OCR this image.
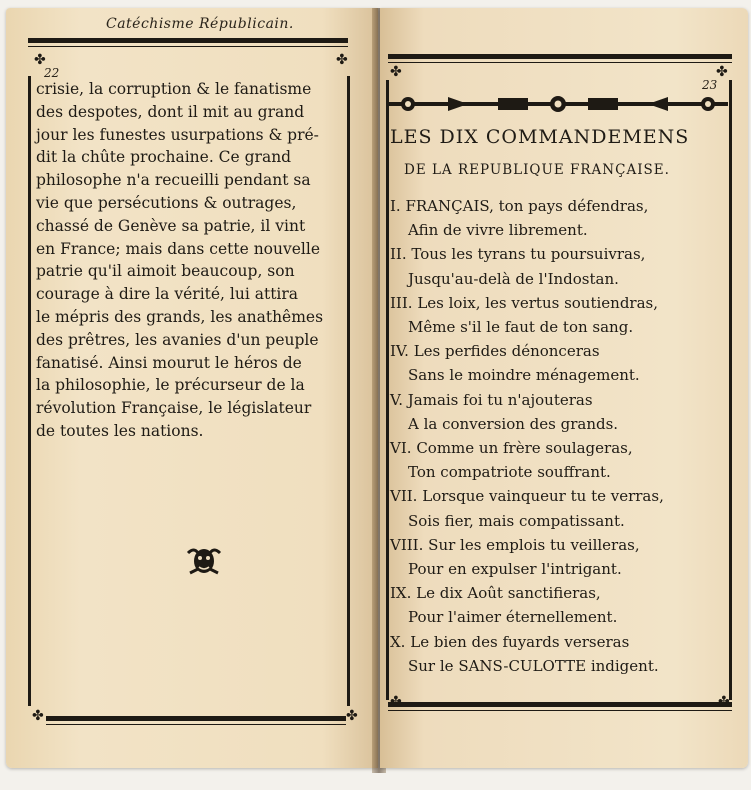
Catéchisme Républicain.
✤	✤
22
crisie, la corruption & le fanatisme
des despotes, dont il mit au grand
jour les funestes usurpations & pré-
dit la chûte prochaine. Ce grand
philosophe n'a recueilli pendant sa
vie que persécutions & outrages,
chassé de Genève sa patrie, il vint
en France; mais dans cette nouvelle
patrie qu'il aimoit beaucoup, son
courage à dire la vérité, lui attira
le mépris des grands, les anathêmes
des prêtres, les avanies d'un peuple
fanatisé. Ainsi mourut le héros de
la philosophie, le précurseur de la
révolution Française, le législateur
de toutes les nations.
✤	✤
✤	✤
23
LES DIX COMMANDEMENS
DE LA REPUBLIQUE FRANÇAISE.
I. FRANÇAIS, ton pays défendras,
Afin de vivre librement.
II. Tous les tyrans tu poursuivras,
Jusqu'au-delà de l'Indostan.
III. Les loix, les vertus soutiendras,
Même s'il le faut de ton sang.
IV. Les perfides dénonceras
Sans le moindre ménagement.
V. Jamais foi tu n'ajouteras
A la conversion des grands.
VI. Comme un frère soulageras,
Ton compatriote souffrant.
VII. Lorsque vainqueur tu te verras,
Sois fier, mais compatissant.
VIII. Sur les emplois tu veilleras,
Pour en expulser l'intrigant.
IX. Le dix Août sanctifieras,
Pour l'aimer éternellement.
X. Le bien des fuyards verseras
Sur le SANS-CULOTTE indigent.
✤	✤
